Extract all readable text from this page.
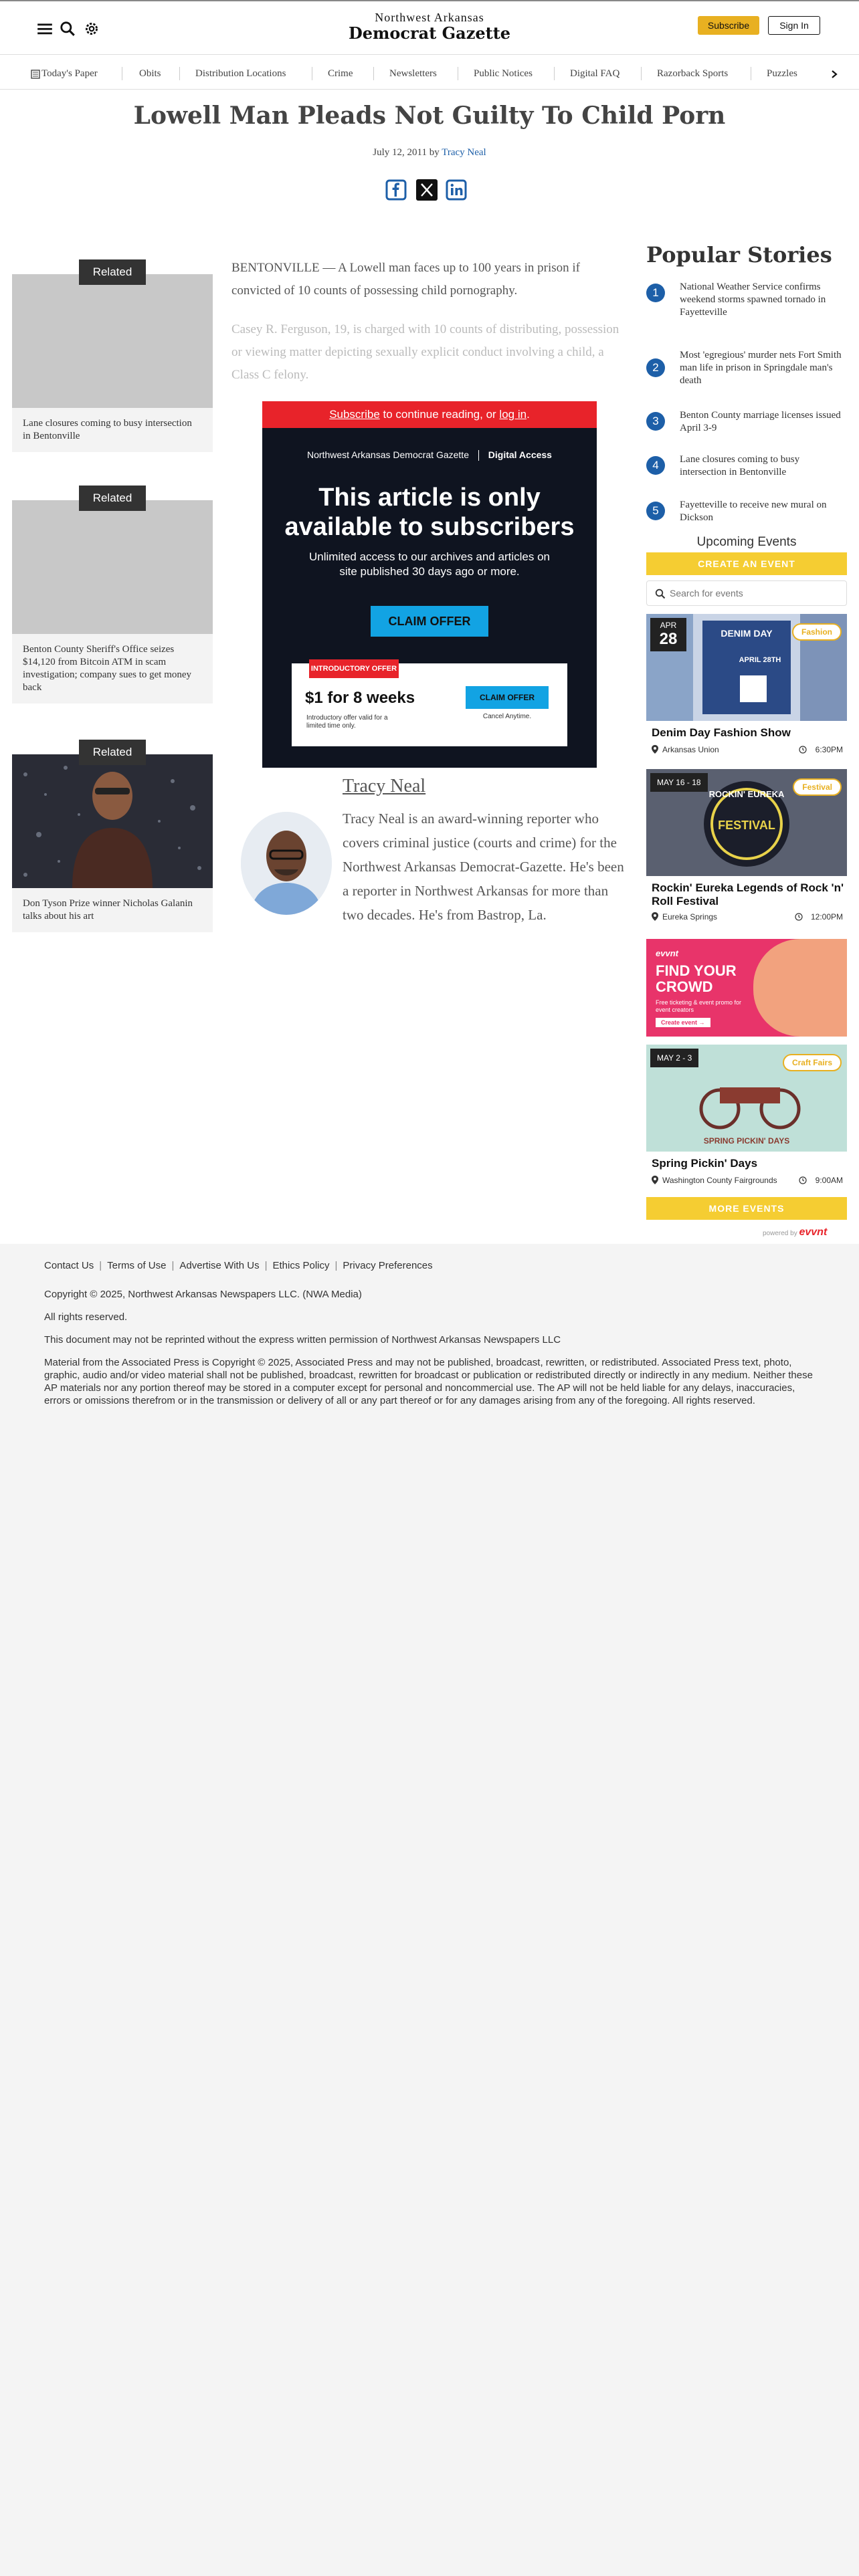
Northwest Arkansas
Democrat Gazette	Subscribe	Sign In
Today's Paper	Obits	Distribution Locations	Crime	Newsletters	Public Notices	Digital FAQ	Razorback Sports	Puzzles
Lowell Man Pleads Not Guilty To Child Porn
July 12, 2011 by Tracy Neal
Related
Lane closures coming to busy intersection in Bentonville
Related
Benton County Sheriff's Office seizes $14,120 from Bitcoin ATM in scam investigation; company sues to get money back
Related
Don Tyson Prize winner Nicholas Galanin talks about his art

BENTONVILLE — A Lowell man faces up to 100 years in prison if convicted of 10 counts of possessing child pornography.

Casey R. Ferguson, 19, is charged with 10 counts of distributing, possession or viewing matter depicting sexually explicit conduct involving a child, a Class C felony.

Subscribe to continue reading, or log in.
Northwest Arkansas Democrat Gazette Digital Access
This article is only available to subscribers
Unlimited access to our archives and articles on site published 30 days ago or more.
CLAIM OFFER
INTRODUCTORY OFFER
$1 for 8 weeks
Introductory offer valid for a limited time only.
CLAIM OFFER
Cancel Anytime.
Tracy Neal

Tracy Neal is an award-winning reporter who covers criminal justice (courts and crime) for the Northwest Arkansas Democrat-Gazette. He's been a reporter in Northwest Arkansas for more than two decades. He's from Bastrop, La.

Popular Stories
1	National Weather Service confirms weekend storms spawned tornado in Fayetteville
2
Most 'egregious' murder nets Fort Smith man life in prison in Springdale man's death
3	Benton County marriage licenses issued April 3-9
4	Lane closures coming to busy intersection in Bentonville
5	Fayetteville to receive new mural on Dickson
Upcoming Events
CREATE AN EVENT
Search for events
DENIM DAY
APRIL 28TH
APR
28	Fashion
Denim Day Fashion Show
Arkansas Union	6:30PM
ROCKIN' EUREKA
FESTIVAL
MAY 16 - 18	Festival
Rockin' Eureka Legends of Rock 'n' Roll Festival
Eureka Springs	12:00PM
evvnt
FIND YOUR CROWD
Free ticketing & event promo for event creators
Create event →
SPRING PICKIN' DAYS
MAY 2 - 3	Craft Fairs
Spring Pickin' Days
Washington County Fairgrounds	9:00AM
MORE EVENTS
powered by evvnt
Contact Us | Terms of Use | Advertise With Us | Ethics Policy | Privacy Preferences
Copyright © 2025, Northwest Arkansas Newspapers LLC. (NWA Media)
All rights reserved.
This document may not be reprinted without the express written permission of Northwest Arkansas Newspapers LLC
Material from the Associated Press is Copyright © 2025, Associated Press and may not be published, broadcast, rewritten, or redistributed. Associated Press text, photo, graphic, audio and/or video material shall not be published, broadcast, rewritten for broadcast or publication or redistributed directly or indirectly in any medium. Neither these AP materials nor any portion thereof may be stored in a computer except for personal and noncommercial use. The AP will not be held liable for any delays, inaccuracies, errors or omissions therefrom or in the transmission or delivery of all or any part thereof or for any damages arising from any of the foregoing. All rights reserved.
